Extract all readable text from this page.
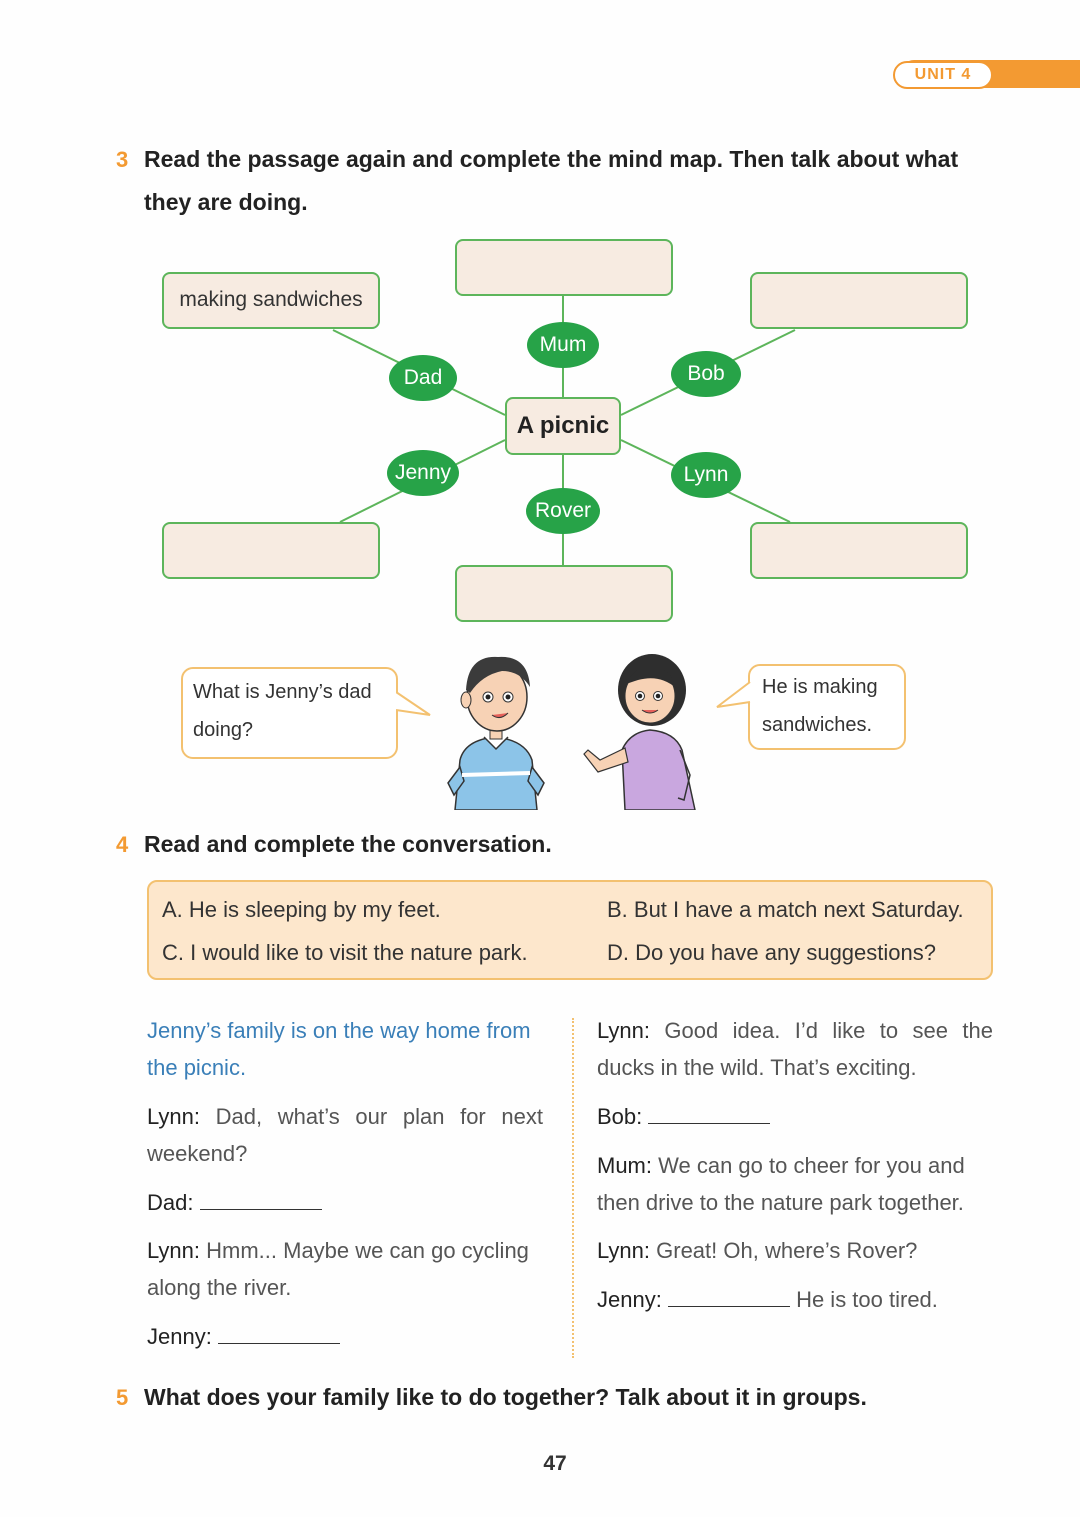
UNIT 4
3 Read the passage again and complete the mind map. Then talk about what
they are doing.
making sandwiches
Mum
Dad	Bob
A picnic
Jenny	Lynn
Rover
What is Jenny’s dad
doing?
He is making
sandwiches.
4 Read and complete the conversation.
A. He is sleeping by my feet.	B. But I have a match next Saturday.
C. I would like to visit the nature park.	D. Do you have any suggestions?
Jenny’s family is on the way home from
the picnic.
Lynn: Dad, what’s our plan for next
weekend?
Dad:
Lynn: Hmm... Maybe we can go cycling
along the river.
Jenny:
Lynn: Good idea. I’d like to see the
ducks in the wild. That’s exciting.
Bob:
Mum: We can go to cheer for you and
then drive to the nature park together.
Lynn: Great! Oh, where’s Rover?
Jenny:	He is too tired.
5 What does your family like to do together? Talk about it in groups.
47
